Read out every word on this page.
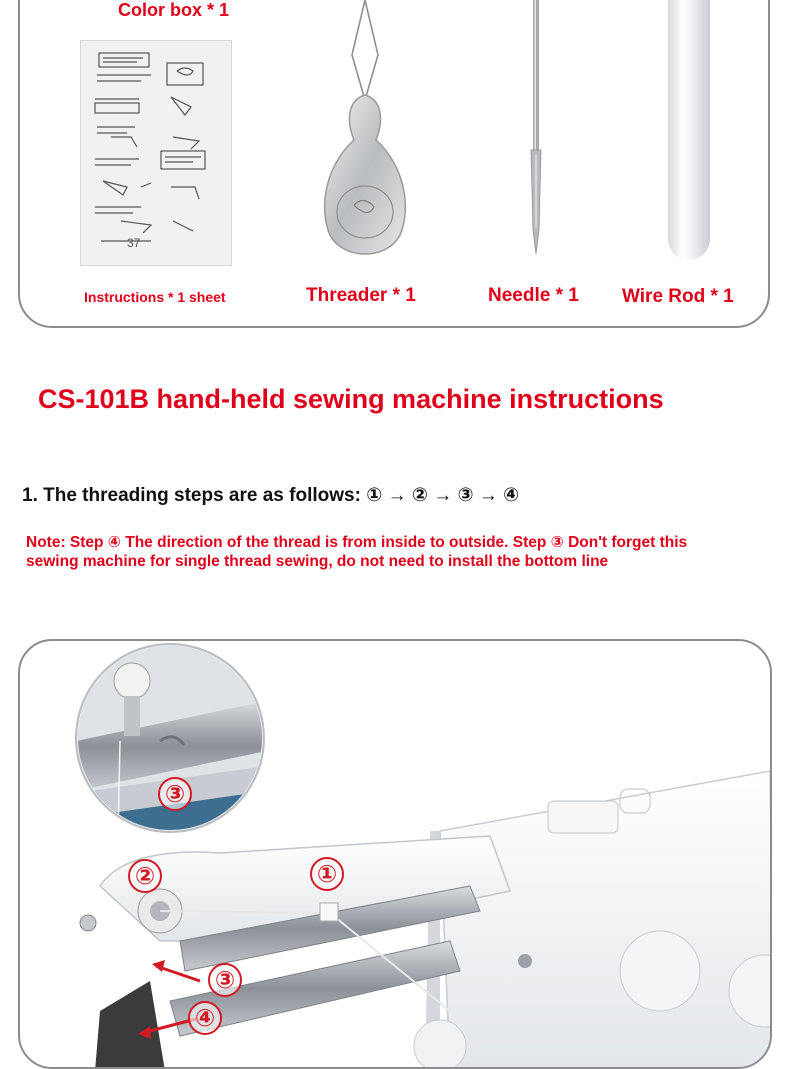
Color box * 1
37
Instructions * 1 sheet	Threader * 1	Needle * 1 Wire Rod * 1
CS-101B hand-held sewing machine instructions
1. The threading steps are as follows: ① → ② → ③ → ④
Note: Step ④ The direction of the thread is from inside to outside. Step ③ Don't forget this sewing machine for single thread sewing, do not need to install the bottom line
③
②	①
③
④
